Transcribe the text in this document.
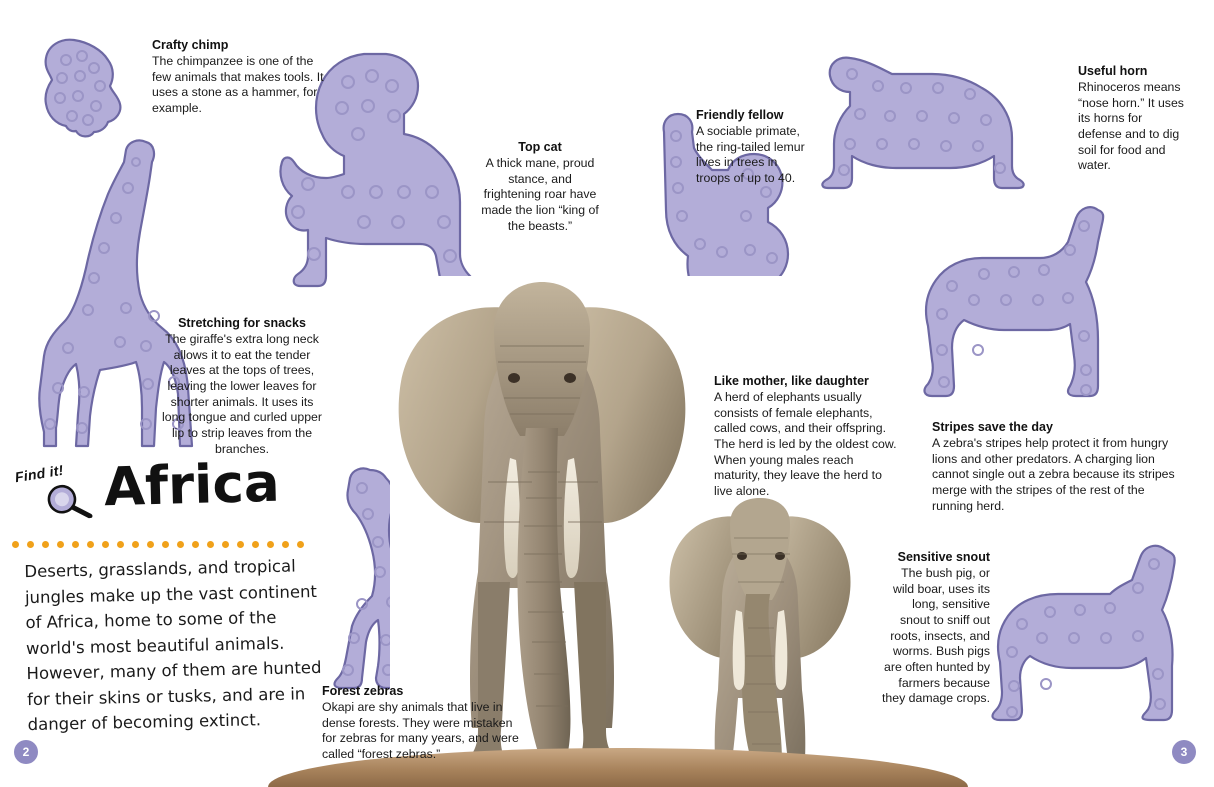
Crafty chimp

The chimpanzee is one of the few animals that makes tools. It uses a stone as a hammer, for example.

Top cat

A thick mane, proud stance, and frightening roar have made the lion “king of the beasts.”

Friendly fellow

A sociable primate, the ring-tailed lemur lives in trees in troops of up to 40.

Useful horn

Rhinoceros means “nose horn.” It uses its horns for defense and to dig soil for food and water.

Stretching for snacks

The giraffe's extra long neck allows it to eat the tender leaves at the tops of trees, leaving the lower leaves for shorter animals. It uses its long tongue and curled upper lip to strip leaves from the branches.

Like mother, like daughter

A herd of elephants usually consists of female elephants, called cows, and their offspring. The herd is led by the oldest cow. When young males reach maturity, they leave the herd to live alone.

Stripes save the day

A zebra's stripes help protect it from hungry lions and other predators. A charging lion cannot single out a zebra because its stripes merge with the stripes of the rest of the running herd.

Sensitive snout

The bush pig, or wild boar, uses its long, sensitive snout to sniff out roots, insects, and worms. Bush pigs are often hunted by farmers because they damage crops.

Forest zebras

Okapi are shy animals that live in dense forests. They were mistaken for zebras for many years, and were called “forest zebras.”

Find it! Africa
Deserts, grasslands, and tropical jungles make up the vast continent of Africa, home to some of the world's most beautiful animals. However, many of them are hunted for their skins or tusks, and are in danger of becoming extinct.
2	3
